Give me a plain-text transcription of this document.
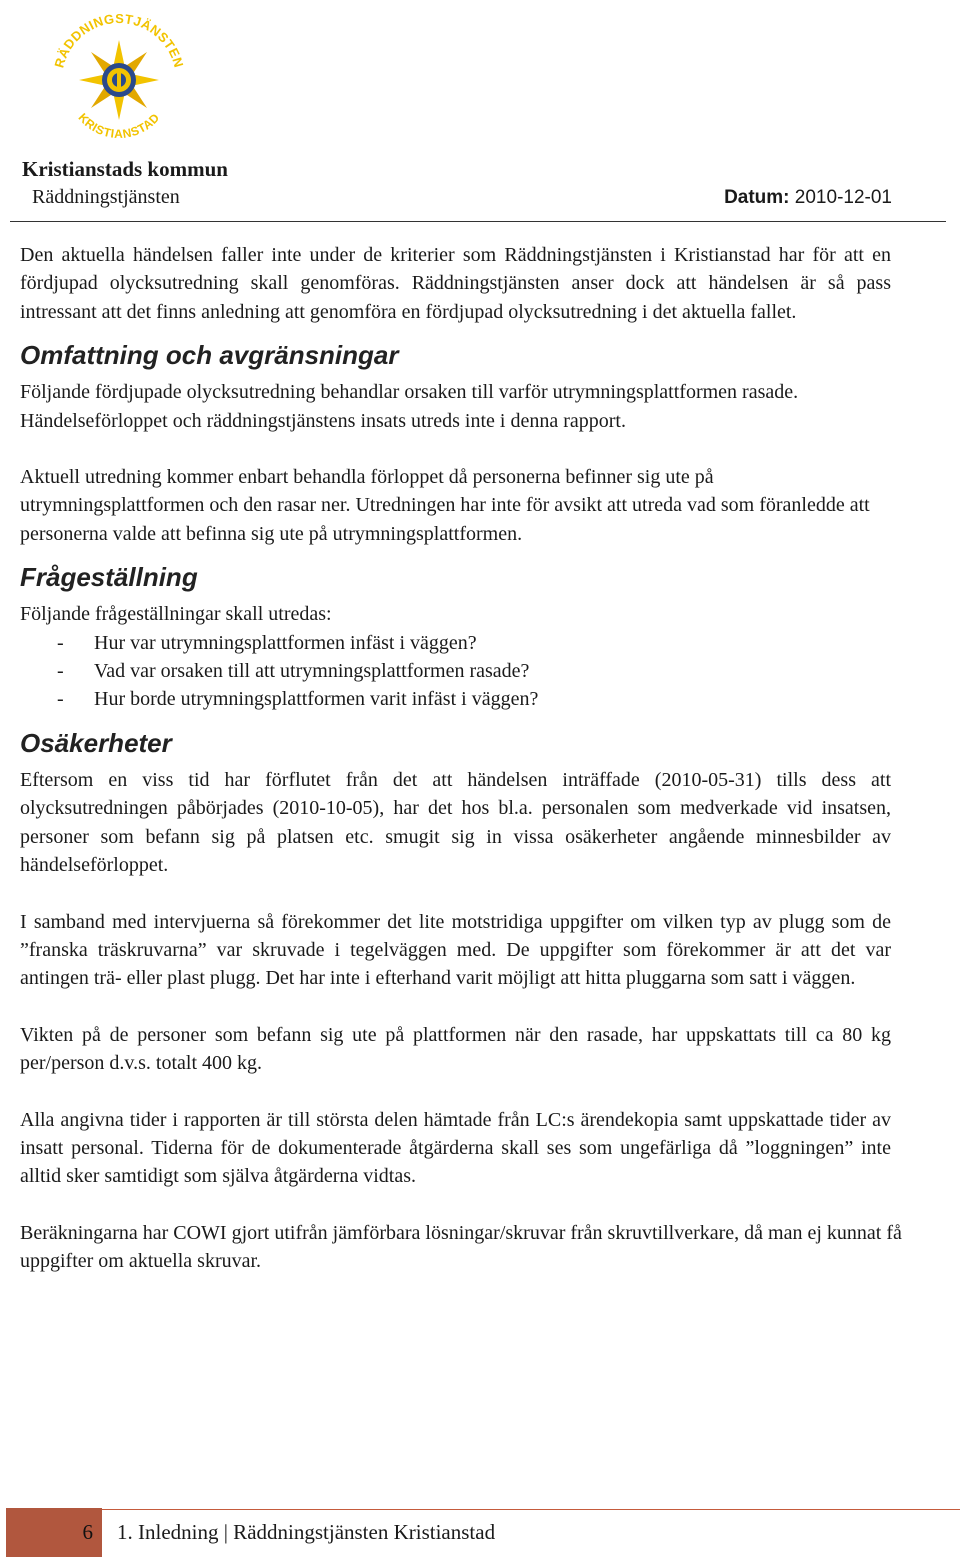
RÄDDNINGSTJÄNSTEN
KRISTIANSTAD
Kristianstads kommun
Räddningstjänsten	Datum: 2010-12-01

Den aktuella händelsen faller inte under de kriterier som Räddningstjänsten i Kristianstad har för att en fördjupad olycksutredning skall genomföras. Räddningstjänsten anser dock att händelsen är så pass intressant att det finns anledning att genomföra en fördjupad olycksutredning i det aktuella fallet.

Omfattning och avgränsningar

Följande fördjupade olycksutredning behandlar orsaken till varför utrymningsplattformen rasade. Händelseförloppet och räddningstjänstens insats utreds inte i denna rapport.

Aktuell utredning kommer enbart behandla förloppet då personerna befinner sig ute på utrymningsplattformen och den rasar ner. Utredningen har inte för avsikt att utreda vad som föranledde att personerna valde att befinna sig ute på utrymningsplattformen.

Frågeställning

Följande frågeställningar skall utredas:

- Hur var utrymningsplattformen infäst i väggen?
- Vad var orsaken till att utrymningsplattformen rasade?
- Hur borde utrymningsplattformen varit infäst i väggen?
Osäkerheter

Eftersom en viss tid har förflutet från det att händelsen inträffade (2010-05-31) tills dess att olycksutredningen påbörjades (2010-10-05), har det hos bl.a. personalen som medverkade vid insatsen, personer som befann sig på platsen etc. smugit sig in vissa osäkerheter angående minnesbilder av händelseförloppet.

I samband med intervjuerna så förekommer det lite motstridiga uppgifter om vilken typ av plugg som de ”franska träskruvarna” var skruvade i tegelväggen med. De uppgifter som förekommer är att det var antingen trä- eller plast plugg. Det har inte i efterhand varit möjligt att hitta pluggarna som satt i väggen.

Vikten på de personer som befann sig ute på plattformen när den rasade, har uppskattats till ca 80 kg per/person d.v.s. totalt 400 kg.

Alla angivna tider i rapporten är till största delen hämtade från LC:s ärendekopia samt uppskattade tider av insatt personal. Tiderna för de dokumenterade åtgärderna skall ses som ungefärliga då ”loggningen” inte alltid sker samtidigt som själva åtgärderna vidtas.

Beräkningarna har COWI gjort utifrån jämförbara lösningar/skruvar från skruvtillverkare, då man ej kunnat få uppgifter om aktuella skruvar.

6 1. Inledning | Räddningstjänsten Kristianstad
